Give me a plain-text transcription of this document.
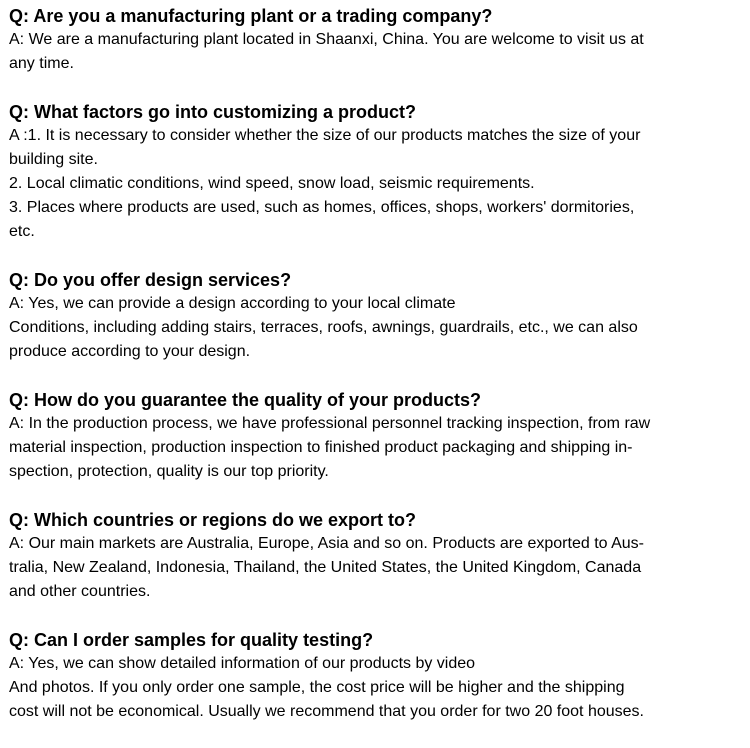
Q: Are you a manufacturing plant or a trading company?
A: We are a manufacturing plant located in Shaanxi, China. You are welcome to visit us at
any time.
Q: What factors go into customizing a product?
A :1. It is necessary to consider whether the size of our products matches the size of your
building site.
2. Local climatic conditions, wind speed, snow load, seismic requirements.
3. Places where products are used, such as homes, offices, shops, workers' dormitories,
etc.
Q: Do you offer design services?
A: Yes, we can provide a design according to your local climate
Conditions, including adding stairs, terraces, roofs, awnings, guardrails, etc., we can also
produce according to your design.
Q: How do you guarantee the quality of your products?
A: In the production process, we have professional personnel tracking inspection, from raw
material inspection, production inspection to finished product packaging and shipping in-
spection, protection, quality is our top priority.
Q: Which countries or regions do we export to?
A: Our main markets are Australia, Europe, Asia and so on. Products are exported to Aus-
tralia, New Zealand, Indonesia, Thailand, the United States, the United Kingdom, Canada
and other countries.
Q: Can I order samples for quality testing?
A: Yes, we can show detailed information of our products by video
And photos. If you only order one sample, the cost price will be higher and the shipping
cost will not be economical. Usually we recommend that you order for two 20 foot houses.
